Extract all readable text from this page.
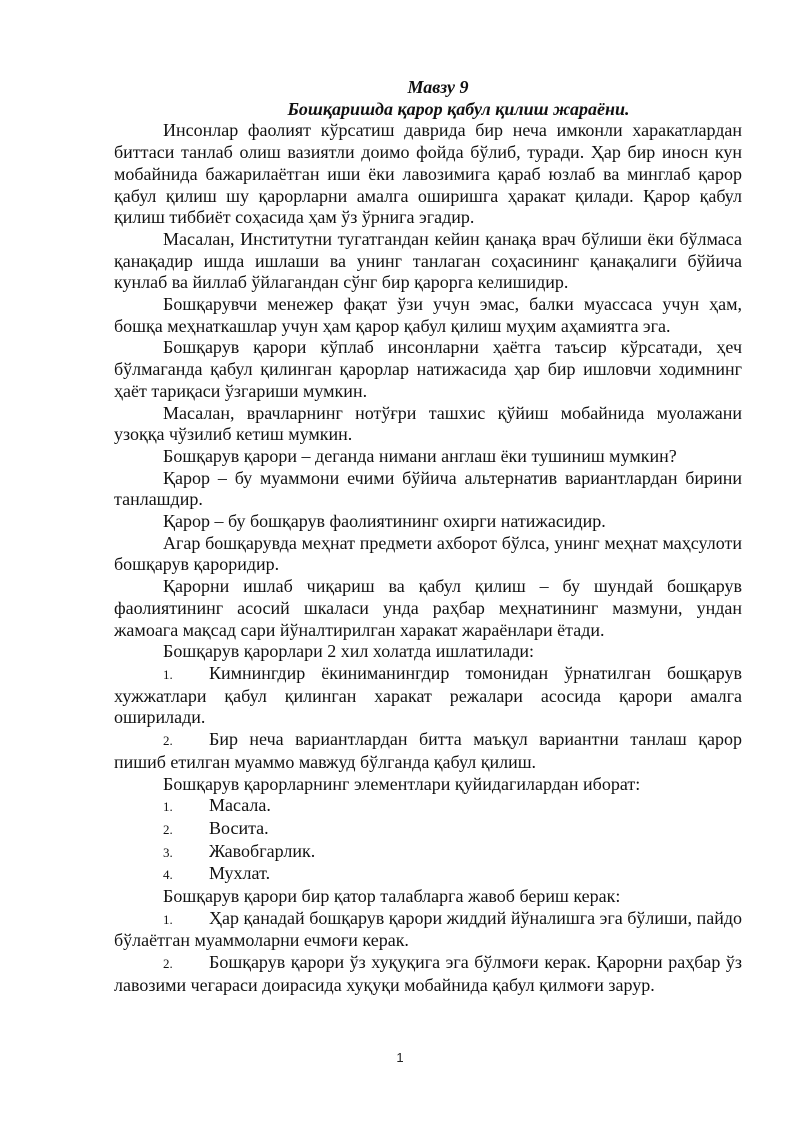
Мавзу 9

Бошқаришда қарор қабул қилиш жараёни.

Инсонлар фаолият кўрсатиш даврида бир неча имконли харакатлардан биттаси танлаб олиш вазиятли доимо фойда бўлиб, туради. Ҳар бир иносн кун мобайнида бажарилаётган иши ёки лавозимига қараб юзлаб ва минглаб қарор қабул қилиш шу қарорларни амалга оширишга ҳаракат қилади. Қарор қабул қилиш тиббиёт соҳасида ҳам ўз ўрнига эгадир.

Масалан, Институтни тугатгандан кейин қанақа врач бўлиши ёки бўлмаса қанақадир ишда ишлаши ва унинг танлаган соҳасининг қанақалиги бўйича кунлаб ва йиллаб ўйлагандан сўнг бир қарорга келишидир.

Бошқарувчи менежер фақат ўзи учун эмас, балки муассаса учун ҳам, бошқа меҳнаткашлар учун ҳам қарор қабул қилиш муҳим аҳамиятга эга.

Бошқарув қарори кўплаб инсонларни ҳаётга таъсир кўрсатади, ҳеч бўлмаганда қабул қилинган қарорлар натижасида ҳар бир ишловчи ходимнинг ҳаёт тариқаси ўзгариши мумкин.

Масалан, врачларнинг нотўғри ташхис қўйиш мобайнида муолажани узоққа чўзилиб кетиш мумкин.

Бошқарув қарори – деганда нимани англаш ёки тушиниш мумкин?

Қарор – бу муаммони ечими бўйича альтернатив вариантлардан бирини танлашдир.

Қарор – бу бошқарув фаолиятининг охирги натижасидир.

Агар бошқарувда меҳнат предмети ахборот бўлса, унинг меҳнат маҳсулоти бошқарув қароридир.

Қарорни ишлаб чиқариш ва қабул қилиш – бу шундай бошқарув фаолиятининг асосий шкаласи унда раҳбар меҳнатининг мазмуни, ундан жамоага мақсад сари йўналтирилган харакат жараёнлари ётади.

Бошқарув қарорлари 2 хил холатда ишлатилади:

1. Кимнингдир ёкиниманингдир томонидан ўрнатилган бошқарув хужжатлари қабул қилинган харакат режалари асосида қарори амалга оширилади.

2. Бир неча вариантлардан битта маъқул вариантни танлаш қарор пишиб етилган муаммо мавжуд бўлганда қабул қилиш.

Бошқарув қарорларнинг элементлари қуйидагилардан иборат:

1. Масала.

2. Восита.

3. Жавобгарлик.

4. Мухлат.

Бошқарув қарори бир қатор талабларга жавоб бериш керак:

1. Ҳар қанадай бошқарув қарори жиддий йўналишга эга бўлиши, пайдо бўлаётган муаммоларни ечмоғи керак.

2. Бошқарув қарори ўз хуқуқига эга бўлмоғи керак. Қарорни раҳбар ўз лавозими чегараси доирасида хуқуқи мобайнида қабул қилмоғи зарур.

1
